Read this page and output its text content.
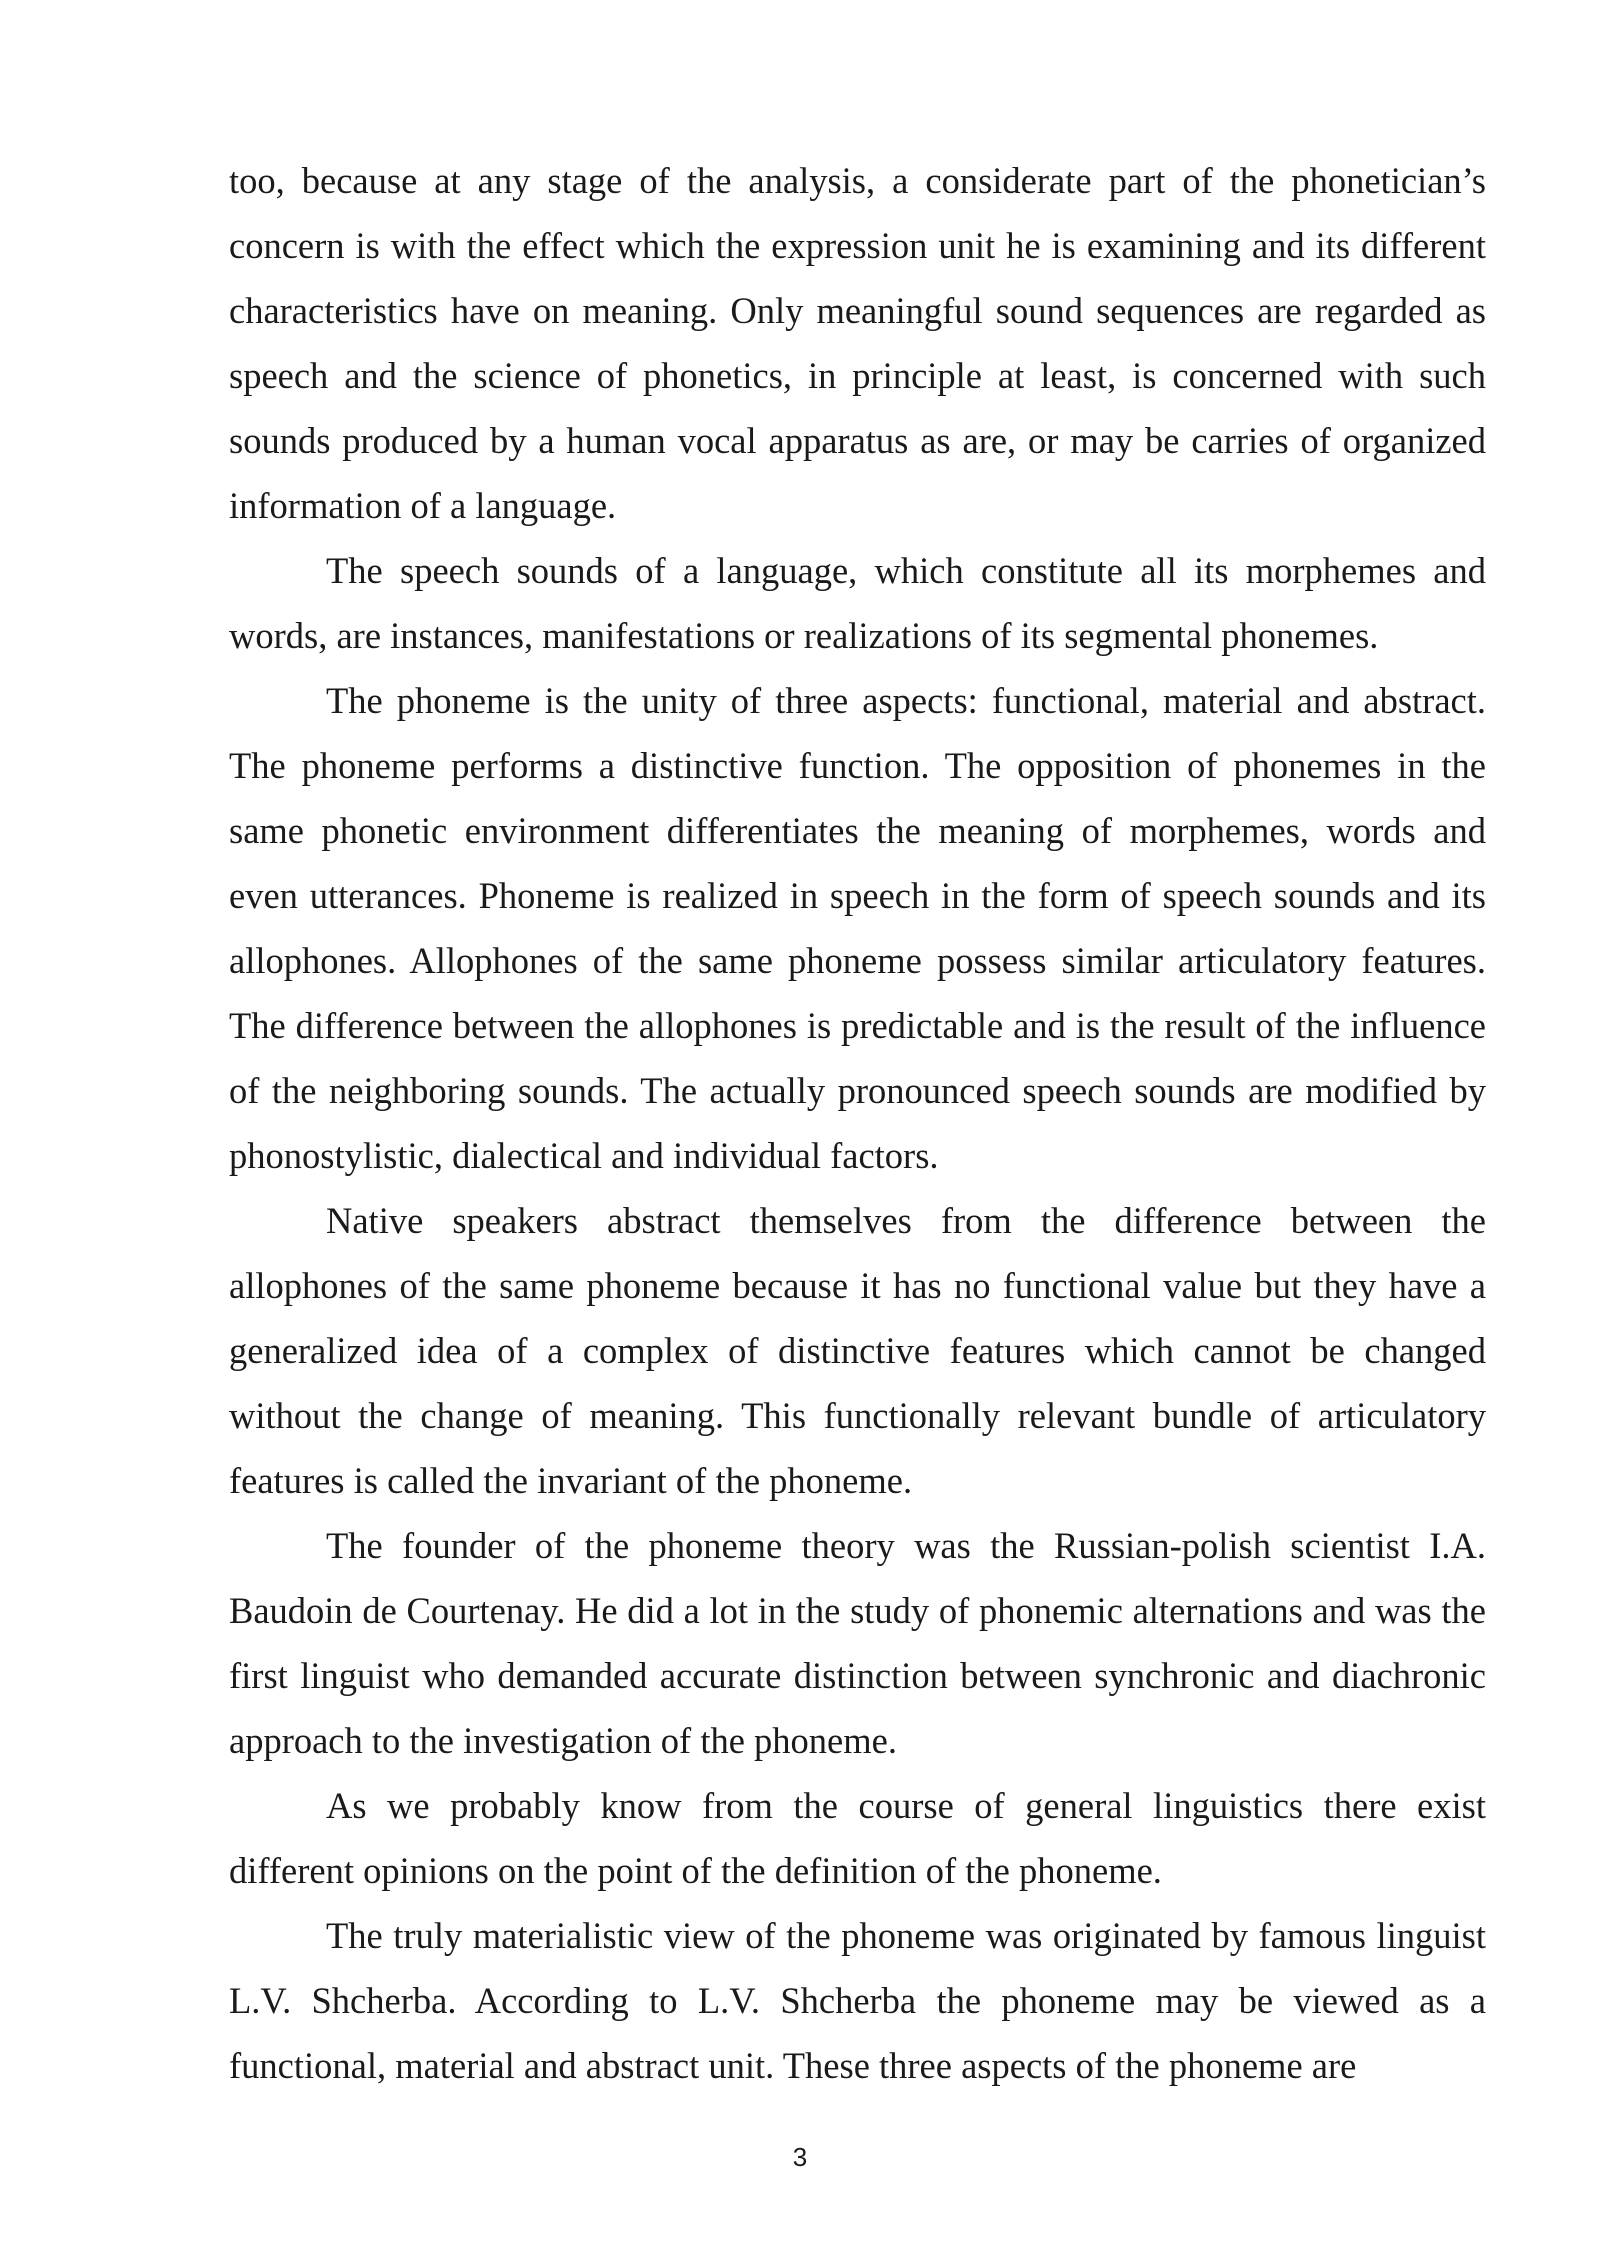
too, because at any stage of the analysis, a considerate part of the phonetician’s concern is with the effect which the expression unit he is examining and its different characteristics have on meaning. Only meaningful sound sequences are regarded as speech and the science of phonetics, in principle at least, is concerned with such sounds produced by a human vocal apparatus as are, or may be carries of organized information of a language.

The speech sounds of a language, which constitute all its morphemes and words, are instances, manifestations or realizations of its segmental phonemes.

The phoneme is the unity of three aspects: functional, material and abstract. The phoneme performs a distinctive function. The opposition of phonemes in the same phonetic environment differentiates the meaning of morphemes, words and even utterances. Phoneme is realized in speech in the form of speech sounds and its allophones. Allophones of the same phoneme possess similar articulatory features. The difference between the allophones is predictable and is the result of the influence of the neighboring sounds. The actually pronounced speech sounds are modified by phonostylistic, dialectical and individual factors.

Native speakers abstract themselves from the difference between the allophones of the same phoneme because it has no functional value but they have a generalized idea of a complex of distinctive features which cannot be changed without the change of meaning. This functionally relevant bundle of articulatory features is called the invariant of the phoneme.

The founder of the phoneme theory was the Russian-polish scientist I.A. Baudoin de Courtenay. He did a lot in the study of phonemic alternations and was the first linguist who demanded accurate distinction between synchronic and diachronic approach to the investigation of the phoneme.

As we probably know from the course of general linguistics there exist different opinions on the point of the definition of the phoneme.

The truly materialistic view of the phoneme was originated by famous linguist L.V. Shcherba. According to L.V. Shcherba the phoneme may be viewed as a functional, material and abstract unit. These three aspects of the phoneme are

3
